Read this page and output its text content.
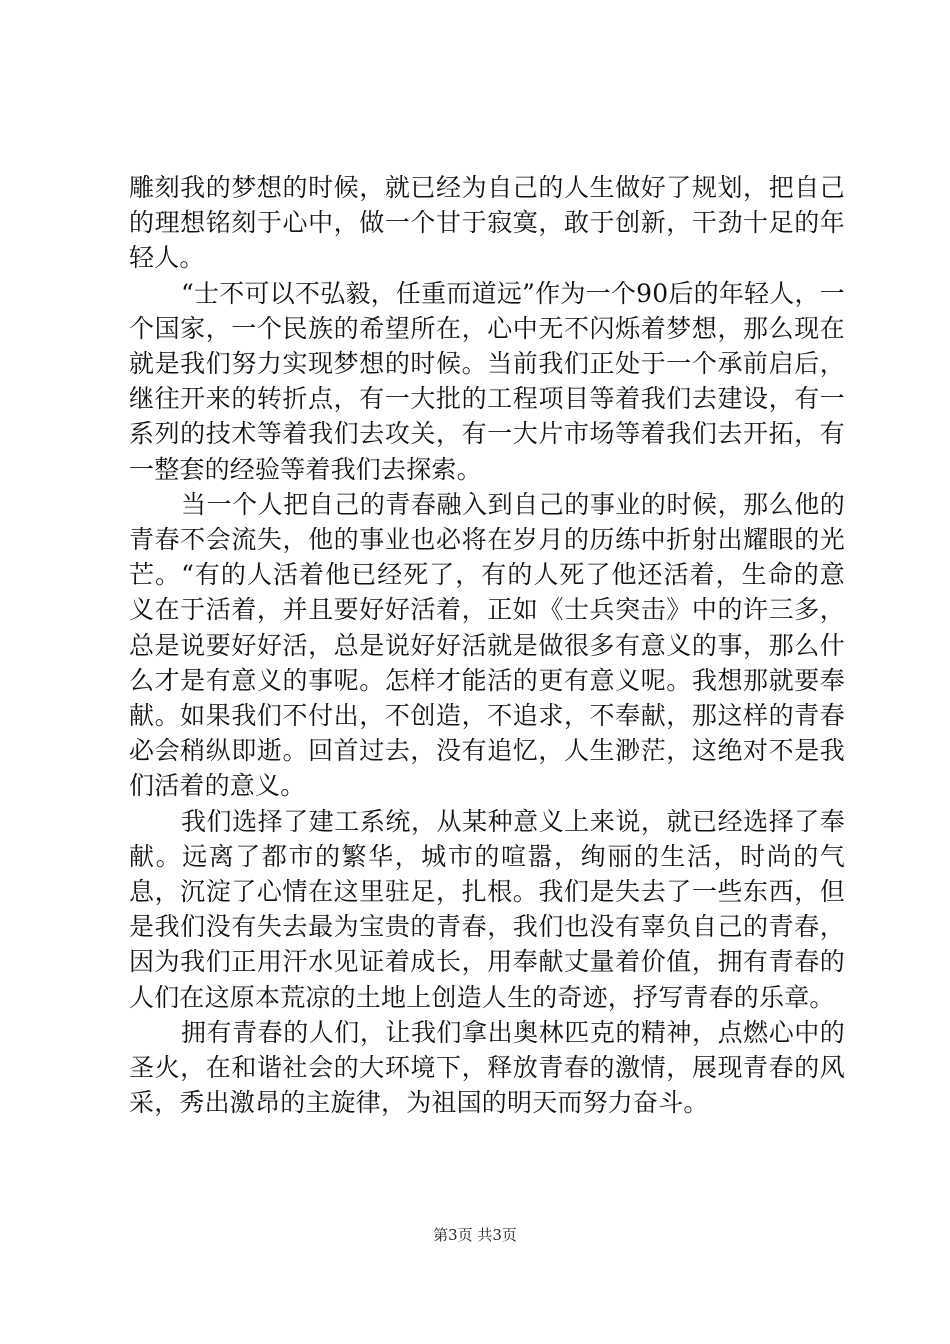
雕刻我的梦想的时候，就已经为自己的人生做好了规划，把自己的理想铭刻于心中，做一个甘于寂寞，敢于创新，干劲十足的年轻人。

“士不可以不弘毅，任重而道远”作为一个90后的年轻人，一个国家，一个民族的希望所在，心中无不闪烁着梦想，那么现在就是我们努力实现梦想的时候。当前我们正处于一个承前启后，继往开来的转折点，有一大批的工程项目等着我们去建设，有一系列的技术等着我们去攻关，有一大片市场等着我们去开拓，有一整套的经验等着我们去探索。

当一个人把自己的青春融入到自己的事业的时候，那么他的青春不会流失，他的事业也必将在岁月的历练中折射出耀眼的光芒。“有的人活着他已经死了，有的人死了他还活着，生命的意义在于活着，并且要好好活着，正如《士兵突击》中的许三多，总是说要好好活，总是说好好活就是做很多有意义的事，那么什么才是有意义的事呢。怎样才能活的更有意义呢。我想那就要奉献。如果我们不付出，不创造，不追求，不奉献，那这样的青春必会稍纵即逝。回首过去，没有追忆，人生渺茫，这绝对不是我们活着的意义。

我们选择了建工系统，从某种意义上来说，就已经选择了奉献。远离了都市的繁华，城市的喧嚣，绚丽的生活，时尚的气息，沉淀了心情在这里驻足，扎根。我们是失去了一些东西，但是我们没有失去最为宝贵的青春，我们也没有辜负自己的青春，因为我们正用汗水见证着成长，用奉献丈量着价值，拥有青春的人们在这原本荒凉的土地上创造人生的奇迹，抒写青春的乐章。

拥有青春的人们，让我们拿出奥林匹克的精神，点燃心中的圣火，在和谐社会的大环境下，释放青春的激情，展现青春的风采，秀出激昂的主旋律，为祖国的明天而努力奋斗。

第3页 共3页
